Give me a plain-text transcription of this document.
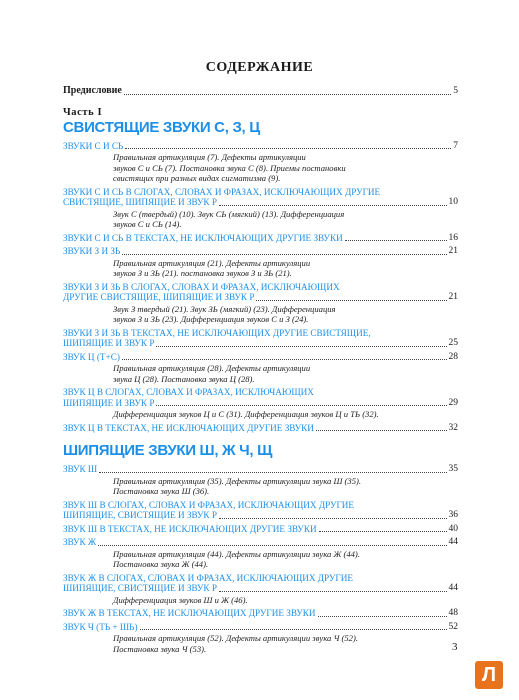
СОДЕРЖАНИЕ
Предисловие	5
Часть I
СВИСТЯЩИЕ ЗВУКИ С, З, Ц
ЗВУКИ С И СЬ	7
Правильная артикуляция (7). Дефекты артикуляции
звуков С и СЬ (7). Постановка звука С (8). Приемы постановки
свистящих при разных видах сигматизма (9).
ЗВУКИ С И СЬ В СЛОГАХ, СЛОВАХ И ФРАЗАХ, ИСКЛЮЧАЮЩИХ ДРУГИЕ
СВИСТЯЩИЕ, ШИПЯЩИЕ И ЗВУК Р	10
Звук С (твердый) (10). Звук СЬ (мягкий) (13). Дифференциация
звуков С и СЬ (14).
ЗВУКИ С И СЬ В ТЕКСТАХ, НЕ ИСКЛЮЧАЮЩИХ ДРУГИЕ ЗВУКИ	16
ЗВУКИ З И ЗЬ	21
Правильная артикуляция (21). Дефекты артикуляции
звуков З и ЗЬ (21). постановка звуков З и ЗЬ (21).
ЗВУКИ З И ЗЬ В СЛОГАХ, СЛОВАХ И ФРАЗАХ, ИСКЛЮЧАЮЩИХ
ДРУГИЕ СВИСТЯЩИЕ, ШИПЯЩИЕ И ЗВУК Р	21
Звук З твердый (21). Звук ЗЬ (мягкий) (23). Дифференциация
звуков З и ЗЬ (23). Дифференциация звуков С и З (24).
ЗВУКИ З И ЗЬ В ТЕКСТАХ, НЕ ИСКЛЮЧАЮЩИХ ДРУГИЕ СВИСТЯЩИЕ,
ШИПЯЩИЕ И ЗВУК Р	25
ЗВУК Ц (Т+С)	28
Правильная артикуляция (28). Дефекты артикуляции
звука Ц (28). Постановка звука Ц (28).
ЗВУК Ц В СЛОГАХ, СЛОВАХ И ФРАЗАХ, ИСКЛЮЧАЮЩИХ
ШИПЯЩИЕ И ЗВУК Р	29
Дифференциация звуков Ц и С (31). Дифференциация звуков Ц и ТЬ (32).
ЗВУК Ц В ТЕКСТАХ, НЕ ИСКЛЮЧАЮЩИХ ДРУГИЕ ЗВУКИ	32
ШИПЯЩИЕ ЗВУКИ Ш, Ж Ч, Щ
ЗВУК Ш	35
Правильная артикуляция (35). Дефекты артикуляции звука Ш (35).
Постановка звука Ш (36).
ЗВУК Ш В СЛОГАХ, СЛОВАХ И ФРАЗАХ, ИСКЛЮЧАЮЩИХ ДРУГИЕ
ШИПЯЩИЕ, СВИСТЯЩИЕ И ЗВУК Р	36
ЗВУК Ш В ТЕКСТАХ, НЕ ИСКЛЮЧАЮЩИХ ДРУГИЕ ЗВУКИ	40
ЗВУК Ж	44
Правильная артикуляция (44). Дефекты артикуляции звука Ж (44).
Постановка звука Ж (44).
ЗВУК Ж В СЛОГАХ, СЛОВАХ И ФРАЗАХ, ИСКЛЮЧАЮЩИХ ДРУГИЕ
ШИПЯЩИЕ, СВИСТЯЩИЕ И ЗВУК Р	44
Дифференциация звуков Ш и Ж (46).
ЗВУК Ж В ТЕКСТАХ, НЕ ИСКЛЮЧАЮЩИХ ДРУГИЕ ЗВУКИ	48
ЗВУК Ч (ТЬ + ШЬ)	52
Правильная артикуляция (52). Дефекты артикуляции звука Ч (52).
Постановка звука Ч (53).	3
Л
